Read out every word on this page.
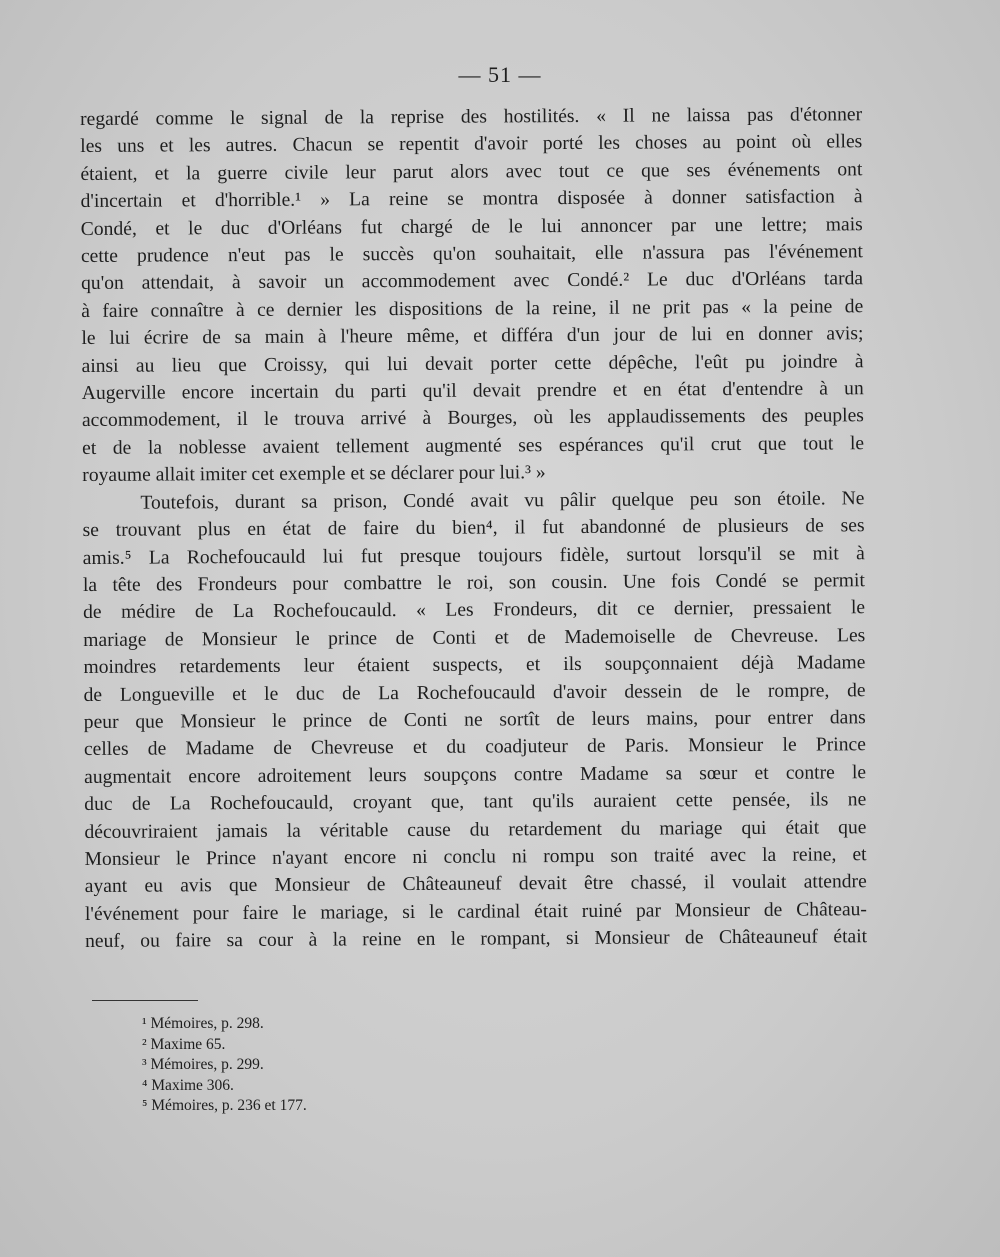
— 51 —
regardé comme le signal de la reprise des hostilités. « Il ne laissa pas d'étonner
les uns et les autres. Chacun se repentit d'avoir porté les choses au point où elles
étaient, et la guerre civile leur parut alors avec tout ce que ses événements ont
d'incertain et d'horrible.¹ » La reine se montra disposée à donner satisfaction à
Condé, et le duc d'Orléans fut chargé de le lui annoncer par une lettre; mais
cette prudence n'eut pas le succès qu'on souhaitait, elle n'assura pas l'événement
qu'on attendait, à savoir un accommodement avec Condé.² Le duc d'Orléans tarda
à faire connaître à ce dernier les dispositions de la reine, il ne prit pas « la peine de
le lui écrire de sa main à l'heure même, et différa d'un jour de lui en donner avis;
ainsi au lieu que Croissy, qui lui devait porter cette dépêche, l'eût pu joindre à
Augerville encore incertain du parti qu'il devait prendre et en état d'entendre à un
accommodement, il le trouva arrivé à Bourges, où les applaudissements des peuples
et de la noblesse avaient tellement augmenté ses espérances qu'il crut que tout le
royaume allait imiter cet exemple et se déclarer pour lui.³ »
Toutefois, durant sa prison, Condé avait vu pâlir quelque peu son étoile. Ne
se trouvant plus en état de faire du bien⁴, il fut abandonné de plusieurs de ses
amis.⁵ La Rochefoucauld lui fut presque toujours fidèle, surtout lorsqu'il se mit à
la tête des Frondeurs pour combattre le roi, son cousin. Une fois Condé se permit
de médire de La Rochefoucauld. « Les Frondeurs, dit ce dernier, pressaient le
mariage de Monsieur le prince de Conti et de Mademoiselle de Chevreuse. Les
moindres retardements leur étaient suspects, et ils soupçonnaient déjà Madame
de Longueville et le duc de La Rochefoucauld d'avoir dessein de le rompre, de
peur que Monsieur le prince de Conti ne sortît de leurs mains, pour entrer dans
celles de Madame de Chevreuse et du coadjuteur de Paris. Monsieur le Prince
augmentait encore adroitement leurs soupçons contre Madame sa sœur et contre le
duc de La Rochefoucauld, croyant que, tant qu'ils auraient cette pensée, ils ne
découvriraient jamais la véritable cause du retardement du mariage qui était que
Monsieur le Prince n'ayant encore ni conclu ni rompu son traité avec la reine, et
ayant eu avis que Monsieur de Châteauneuf devait être chassé, il voulait attendre
l'événement pour faire le mariage, si le cardinal était ruiné par Monsieur de Château-
neuf, ou faire sa cour à la reine en le rompant, si Monsieur de Châteauneuf était
¹ Mémoires, p. 298.
² Maxime 65.
³ Mémoires, p. 299.
⁴ Maxime 306.
⁵ Mémoires, p. 236 et 177.
